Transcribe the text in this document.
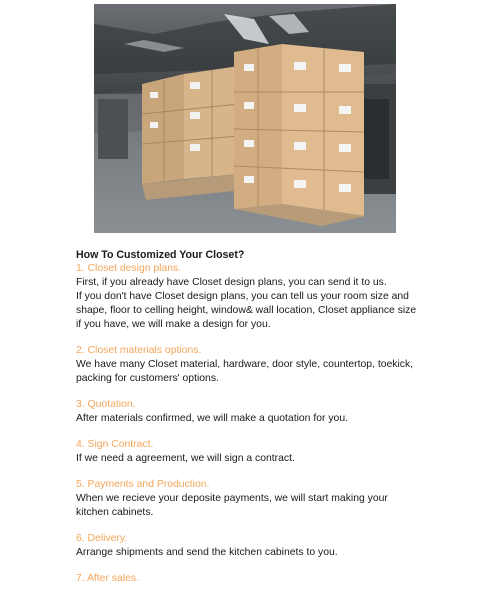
How To Customized Your Closet?
1. Closet design plans.

First, if you already have Closet design plans, you can send it to us.

If you don't have Closet design plans, you can tell us your room size and shape, floor to celling height, window& wall location, Closet appliance size if you have, we will make a design for you.

2. Closet materials options.

We have many Closet material, hardware, door style, countertop, toekick, packing for customers' options.

3. Quotation.

After materials confirmed, we will make a quotation for you.

4. Sign Contract.

If we need a agreement, we will sign a contract.

5. Payments and Production.

When we recieve your deposite payments, we will start making your kitchen cabinets.

6. Delivery.

Arrange shipments and send the kitchen cabinets to you.

7. After sales.
